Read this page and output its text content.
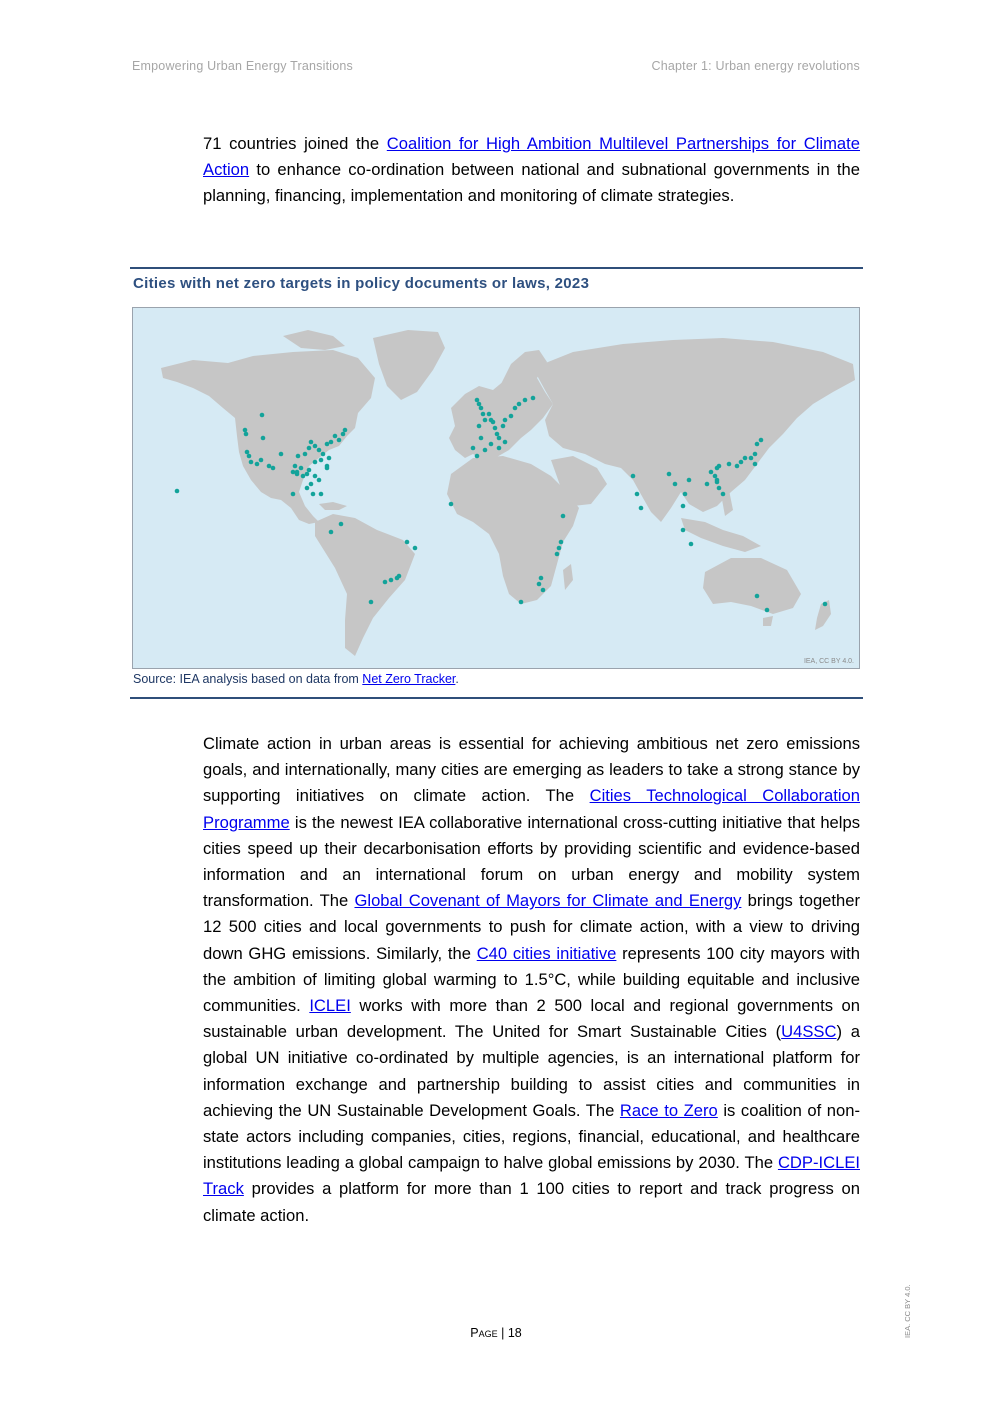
Empowering Urban Energy Transitions	Chapter 1: Urban energy revolutions
71 countries joined the Coalition for High Ambition Multilevel Partnerships for Climate Action to enhance co-ordination between national and subnational governments in the planning, financing, implementation and monitoring of climate strategies.
Cities with net zero targets in policy documents or laws, 2023
IEA, CC BY 4.0.
Source: IEA analysis based on data from Net Zero Tracker.
Climate action in urban areas is essential for achieving ambitious net zero emissions goals, and internationally, many cities are emerging as leaders to take a strong stance by supporting initiatives on climate action. The Cities Technological Collaboration Programme is the newest IEA collaborative international cross-cutting initiative that helps cities speed up their decarbonisation efforts by providing scientific and evidence-based information and an international forum on urban energy and mobility system transformation. The Global Covenant of Mayors for Climate and Energy brings together 12 500 cities and local governments to push for climate action, with a view to driving down GHG emissions. Similarly, the C40 cities initiative represents 100 city mayors with the ambition of limiting global warming to 1.5°C, while building equitable and inclusive communities. ICLEI works with more than 2 500 local and regional governments on sustainable urban development. The United for Smart Sustainable Cities (U4SSC) a global UN initiative co-ordinated by multiple agencies, is an international platform for information exchange and partnership building to assist cities and communities in achieving the UN Sustainable Development Goals. The Race to Zero is coalition of non-state actors including companies, cities, regions, financial, educational, and healthcare institutions leading a global campaign to halve global emissions by 2030. The CDP-ICLEI Track provides a platform for more than 1 100 cities to report and track progress on climate action.
Page | 18	IEA. CC BY 4.0.
